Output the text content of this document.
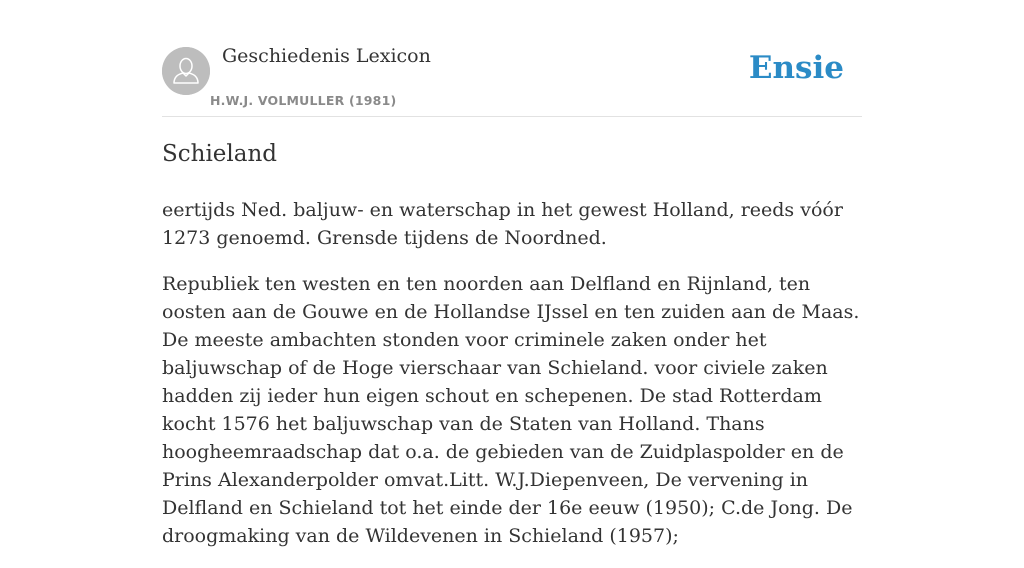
Geschiedenis Lexicon
H.W.J. VOLMULLER (1981)
Ensie
Schieland

eertijds Ned. baljuw- en waterschap in het gewest Holland, reeds vóór 1273 genoemd. Grensde tijdens de Noordned.

Republiek ten westen en ten noorden aan Delfland en Rijnland, ten oosten aan de Gouwe en de Hollandse IJssel en ten zuiden aan de Maas. De meeste ambachten stonden voor criminele zaken onder het baljuwschap of de Hoge vierschaar van Schieland. voor civiele zaken hadden zij ieder hun eigen schout en schepenen. De stad Rotterdam kocht 1576 het baljuwschap van de Staten van Holland. Thans hoogheemraadschap dat o.a. de gebieden van de Zuidplaspolder en de Prins Alexanderpolder omvat.Litt. W.J.Diepenveen, De vervening in Delfland en Schieland tot het einde der 16e eeuw (1950); C.de Jong. De droogmaking van de Wildevenen in Schieland (1957);
